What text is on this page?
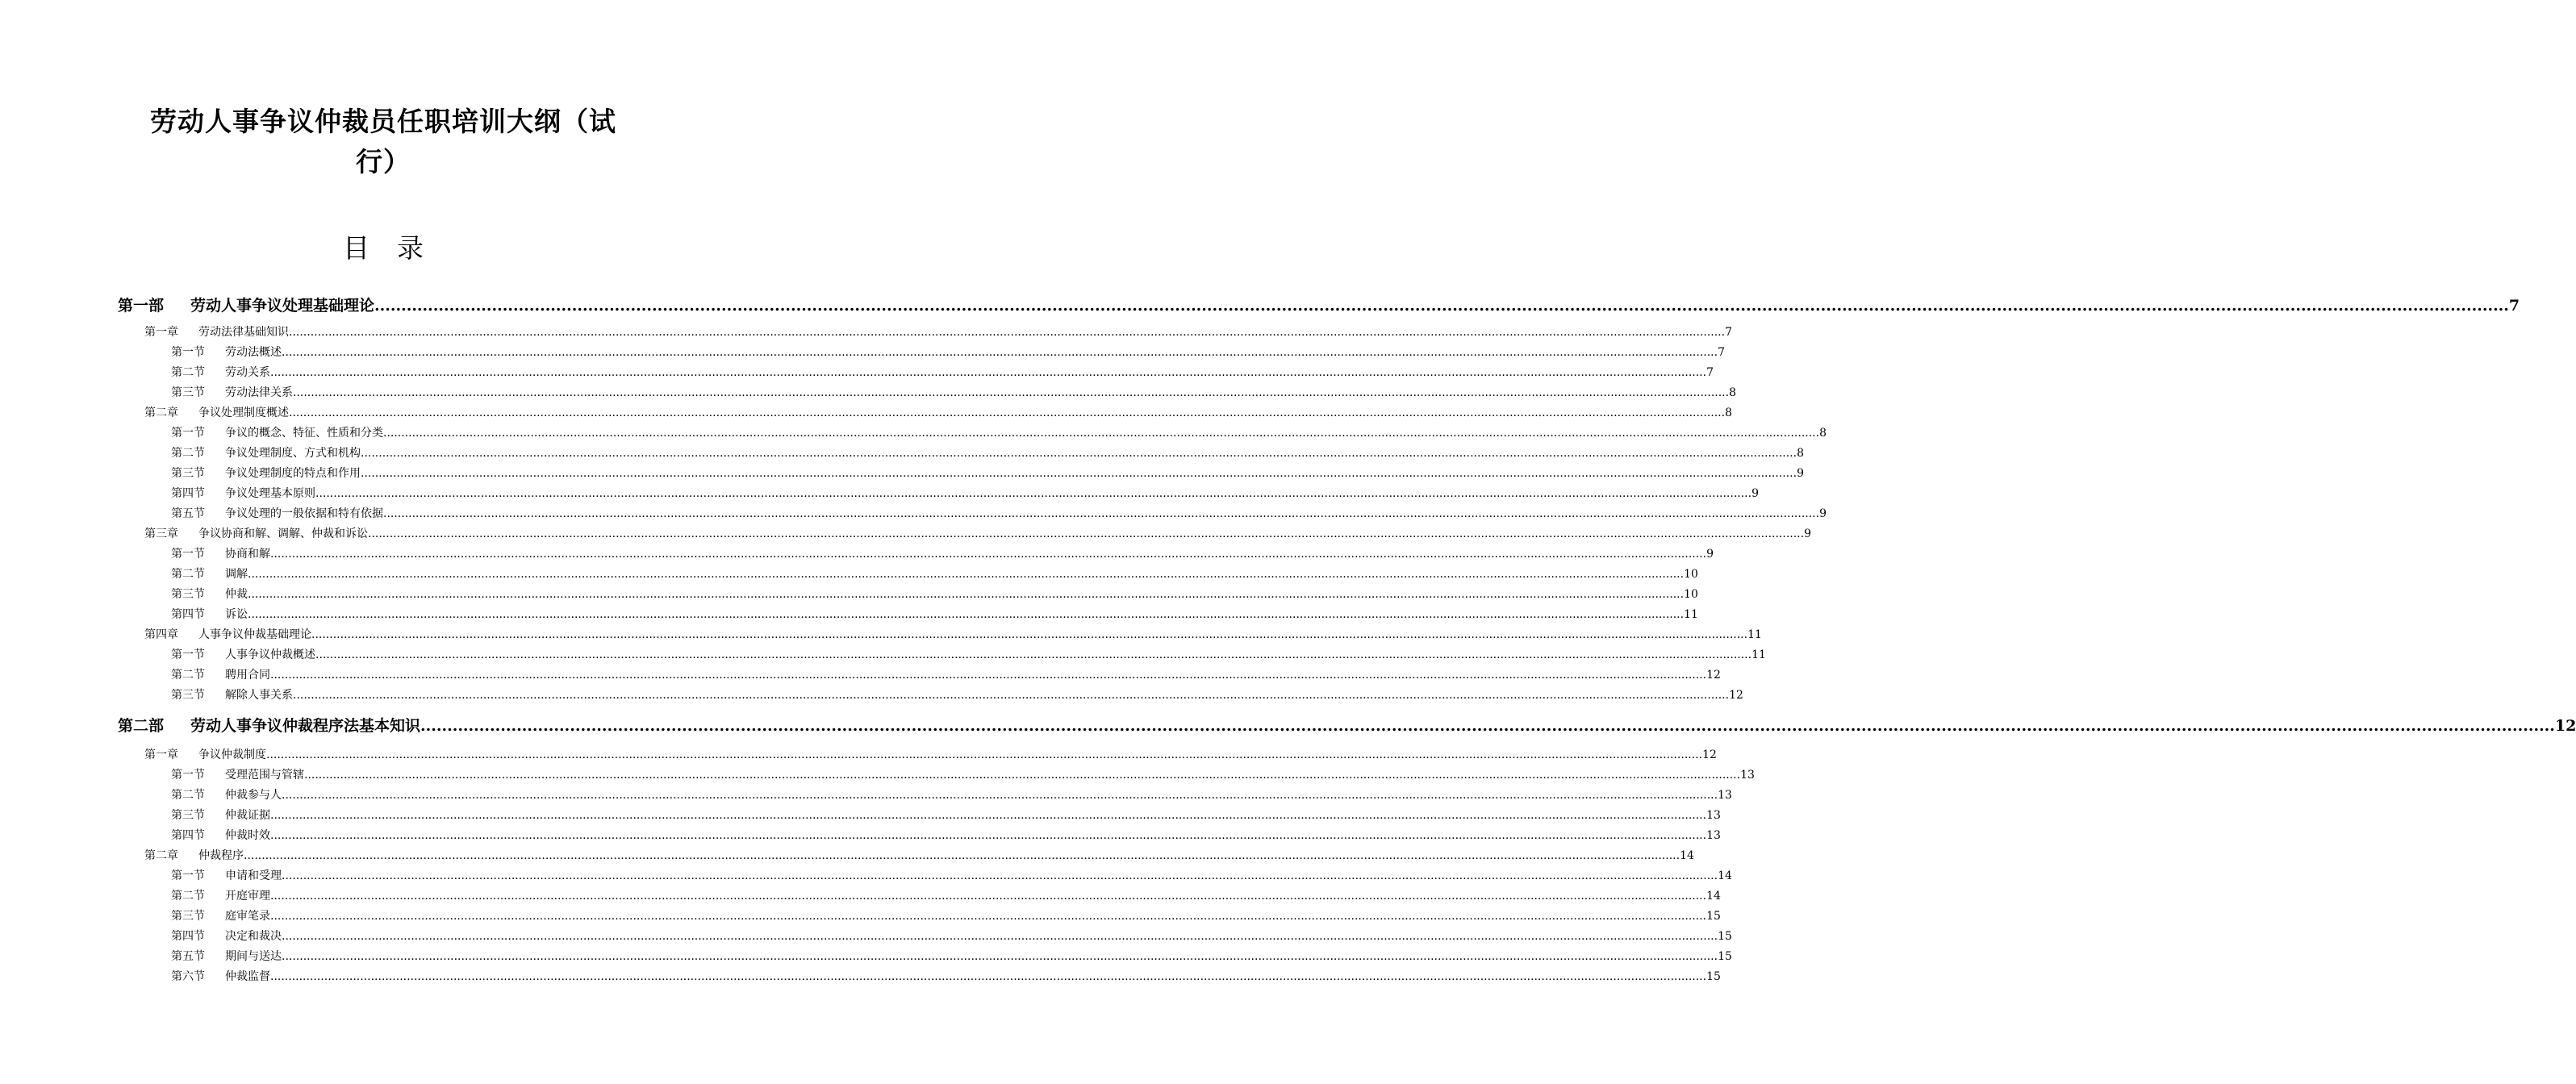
劳动人事争议仲裁员任职培训大纲（试
行）
目录
第一部 劳动人事争议处理基础理论 ................................................................................................................................................................................................................................................................................................................................................................................................................ 7
第一章 劳动法律基础知识 ................................................................................................................................................................................................................................................................................................................................................................................................................ 7
第一节 劳动法概述 ................................................................................................................................................................................................................................................................................................................................................................................................................ 7
第二节 劳动关系 ................................................................................................................................................................................................................................................................................................................................................................................................................ 7
第三节 劳动法律关系 ................................................................................................................................................................................................................................................................................................................................................................................................................ 8
第二章 争议处理制度概述 ................................................................................................................................................................................................................................................................................................................................................................................................................ 8
第一节 争议的概念、特征、性质和分类 ................................................................................................................................................................................................................................................................................................................................................................................................................ 8
第二节 争议处理制度、方式和机构 ................................................................................................................................................................................................................................................................................................................................................................................................................ 8
第三节 争议处理制度的特点和作用 ................................................................................................................................................................................................................................................................................................................................................................................................................ 9
第四节 争议处理基本原则 ................................................................................................................................................................................................................................................................................................................................................................................................................ 9
第五节 争议处理的一般依据和特有依据 ................................................................................................................................................................................................................................................................................................................................................................................................................ 9
第三章 争议协商和解、调解、仲裁和诉讼 ................................................................................................................................................................................................................................................................................................................................................................................................................ 9
第一节 协商和解 ................................................................................................................................................................................................................................................................................................................................................................................................................ 9
第二节 调解 ................................................................................................................................................................................................................................................................................................................................................................................................................ 10
第三节 仲裁 ................................................................................................................................................................................................................................................................................................................................................................................................................ 10
第四节 诉讼 ................................................................................................................................................................................................................................................................................................................................................................................................................ 11
第四章 人事争议仲裁基础理论 ................................................................................................................................................................................................................................................................................................................................................................................................................ 11
第一节 人事争议仲裁概述 ................................................................................................................................................................................................................................................................................................................................................................................................................ 11
第二节 聘用合同 ................................................................................................................................................................................................................................................................................................................................................................................................................ 12
第三节 解除人事关系 ................................................................................................................................................................................................................................................................................................................................................................................................................ 12
第二部 劳动人事争议仲裁程序法基本知识 ................................................................................................................................................................................................................................................................................................................................................................................................................ 12
第一章 争议仲裁制度 ................................................................................................................................................................................................................................................................................................................................................................................................................ 12
第一节 受理范围与管辖 ................................................................................................................................................................................................................................................................................................................................................................................................................ 13
第二节 仲裁参与人 ................................................................................................................................................................................................................................................................................................................................................................................................................ 13
第三节 仲裁证据 ................................................................................................................................................................................................................................................................................................................................................................................................................ 13
第四节 仲裁时效 ................................................................................................................................................................................................................................................................................................................................................................................................................ 13
第二章 仲裁程序 ................................................................................................................................................................................................................................................................................................................................................................................................................ 14
第一节 申请和受理 ................................................................................................................................................................................................................................................................................................................................................................................................................ 14
第二节 开庭审理 ................................................................................................................................................................................................................................................................................................................................................................................................................ 14
第三节 庭审笔录 ................................................................................................................................................................................................................................................................................................................................................................................................................ 15
第四节 决定和裁决 ................................................................................................................................................................................................................................................................................................................................................................................................................ 15
第五节 期间与送达 ................................................................................................................................................................................................................................................................................................................................................................................................................ 15
第六节 仲裁监督 ................................................................................................................................................................................................................................................................................................................................................................................................................ 15
